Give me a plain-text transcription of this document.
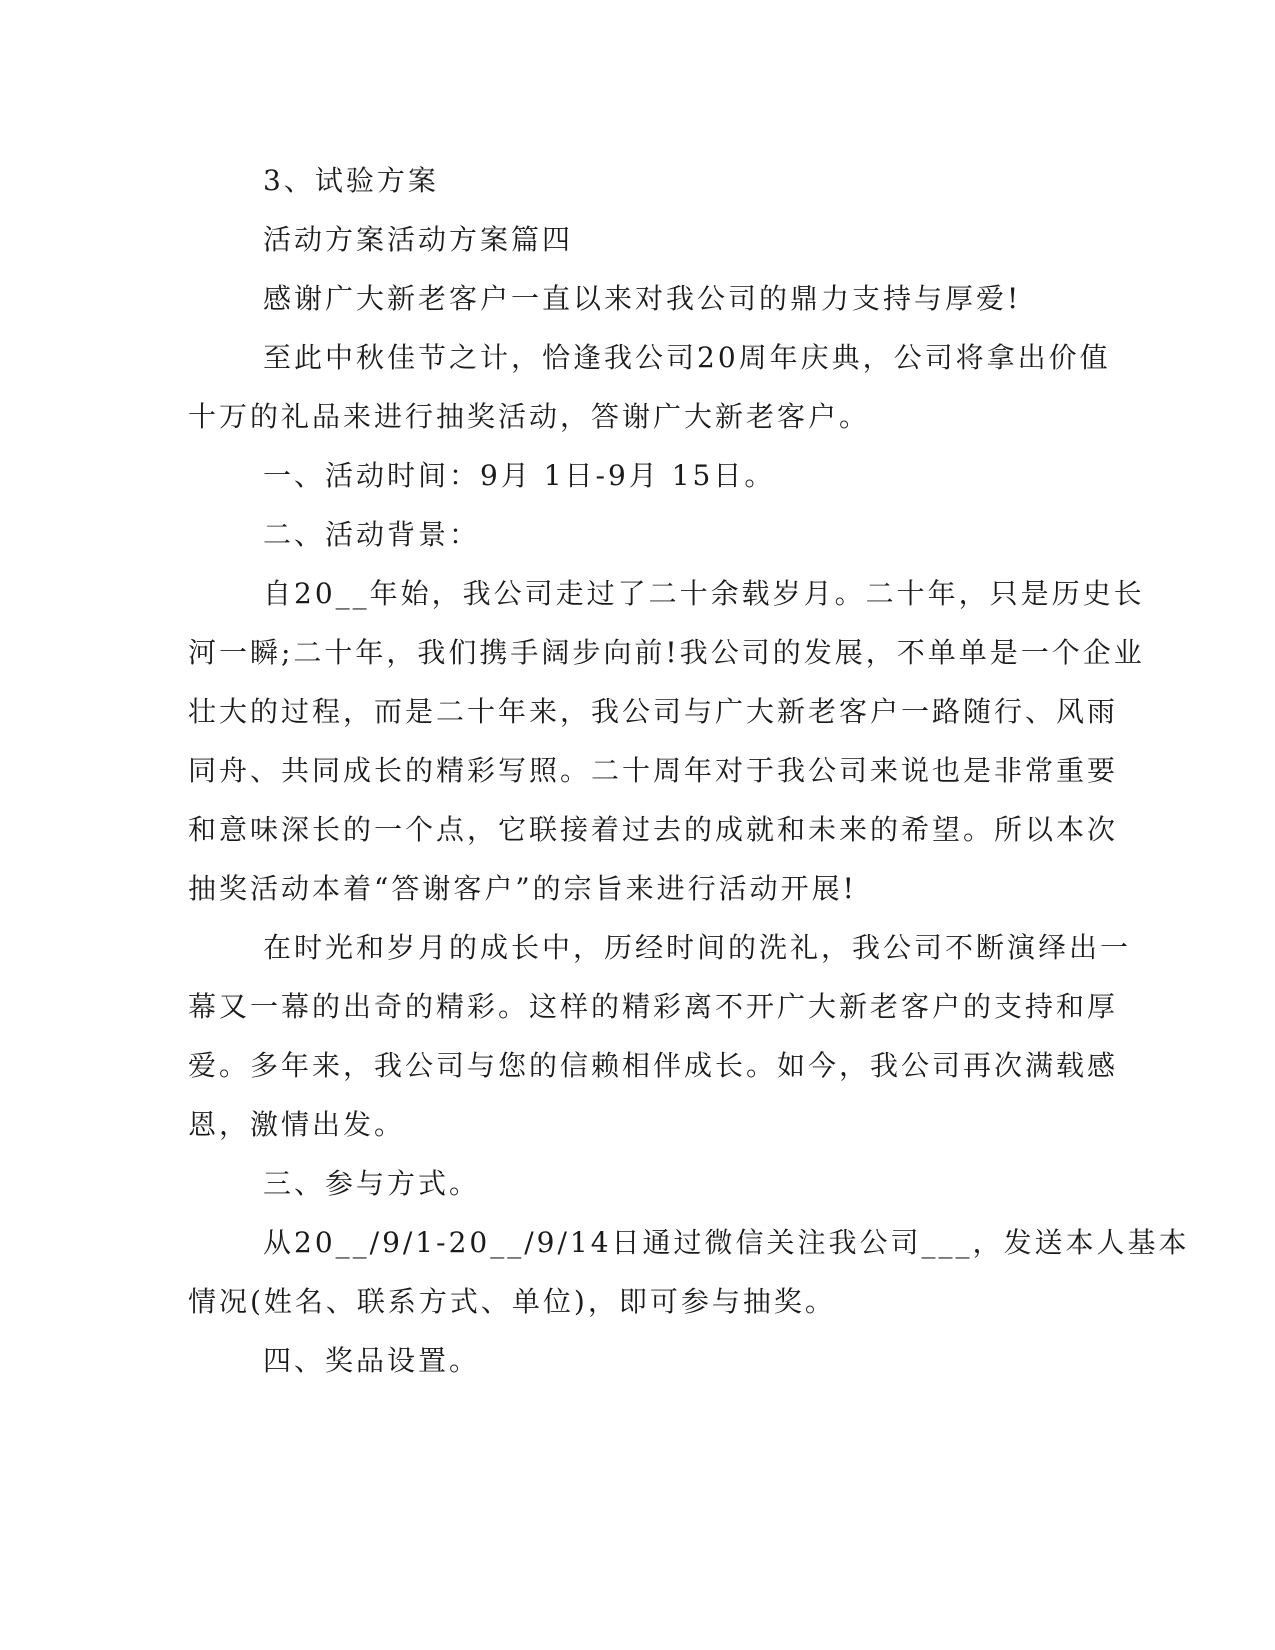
3、试验方案
活动方案活动方案篇四
感谢广大新老客户一直以来对我公司的鼎力支持与厚爱!
至此中秋佳节之计，恰逢我公司20周年庆典，公司将拿出价值
十万的礼品来进行抽奖活动，答谢广大新老客户。
一、活动时间：9月 1日-9月 15日。
二、活动背景：
自20__年始，我公司走过了二十余载岁月。二十年，只是历史长
河一瞬;二十年，我们携手阔步向前!我公司的发展，不单单是一个企业
壮大的过程，而是二十年来，我公司与广大新老客户一路随行、风雨
同舟、共同成长的精彩写照。二十周年对于我公司来说也是非常重要
和意味深长的一个点，它联接着过去的成就和未来的希望。所以本次
抽奖活动本着“答谢客户”的宗旨来进行活动开展!
在时光和岁月的成长中，历经时间的洗礼，我公司不断演绎出一
幕又一幕的出奇的精彩。这样的精彩离不开广大新老客户的支持和厚
爱。多年来，我公司与您的信赖相伴成长。如今，我公司再次满载感
恩，激情出发。
三、参与方式。
从20__/9/1-20__/9/14日通过微信关注我公司___，发送本人基本
情况(姓名、联系方式、单位)，即可参与抽奖。
四、奖品设置。
